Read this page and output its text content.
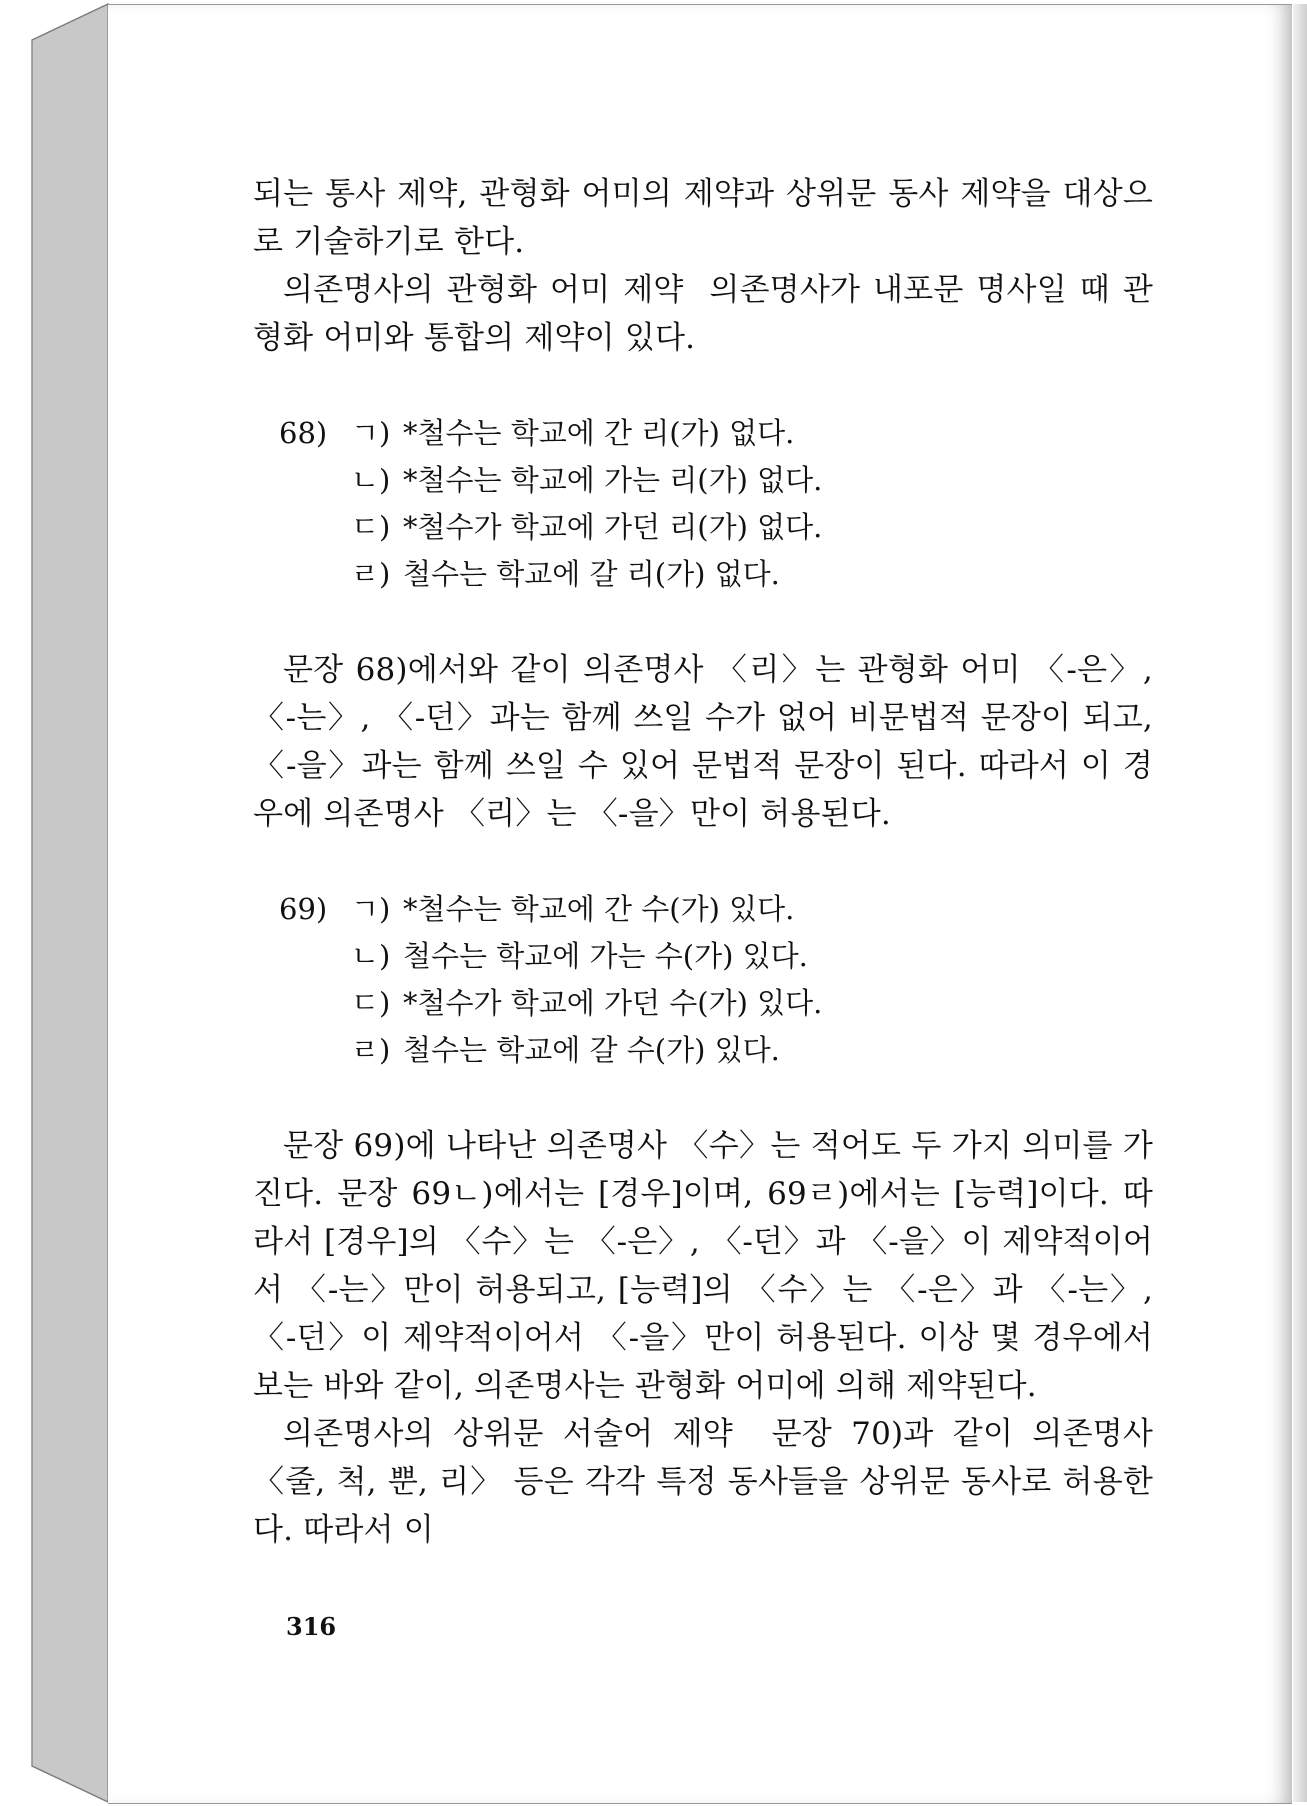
되는 통사 제약, 관형화 어미의 제약과 상위문 동사 제약을 대상으로 기술하기로 한다.

의존명사의 관형화 어미 제약 의존명사가 내포문 명사일 때 관형화 어미와 통합의 제약이 있다.

68) ㄱ) *철수는 학교에 간 리(가) 없다.
ㄴ) *철수는 학교에 가는 리(가) 없다.
ㄷ) *철수가 학교에 가던 리(가) 없다.
ㄹ) 철수는 학교에 갈 리(가) 없다.

문장 68)에서와 같이 의존명사 〈리〉는 관형화 어미 〈-은〉, 〈-는〉, 〈-던〉과는 함께 쓰일 수가 없어 비문법적 문장이 되고, 〈-을〉과는 함께 쓰일 수 있어 문법적 문장이 된다. 따라서 이 경우에 의존명사 〈리〉는 〈-을〉만이 허용된다.

69) ㄱ) *철수는 학교에 간 수(가) 있다.
ㄴ) 철수는 학교에 가는 수(가) 있다.
ㄷ) *철수가 학교에 가던 수(가) 있다.
ㄹ) 철수는 학교에 갈 수(가) 있다.

문장 69)에 나타난 의존명사 〈수〉는 적어도 두 가지 의미를 가진다. 문장 69ㄴ)에서는 [경우]이며, 69ㄹ)에서는 [능력]이다. 따라서 [경우]의 〈수〉는 〈-은〉, 〈-던〉과 〈-을〉이 제약적이어서 〈-는〉만이 허용되고, [능력]의 〈수〉는 〈-은〉과 〈-는〉, 〈-던〉이 제약적이어서 〈-을〉만이 허용된다. 이상 몇 경우에서 보는 바와 같이, 의존명사는 관형화 어미에 의해 제약된다.

의존명사의 상위문 서술어 제약 문장 70)과 같이 의존명사 〈줄, 척, 뿐, 리〉 등은 각각 특정 동사들을 상위문 동사로 허용한다. 따라서 이

316
